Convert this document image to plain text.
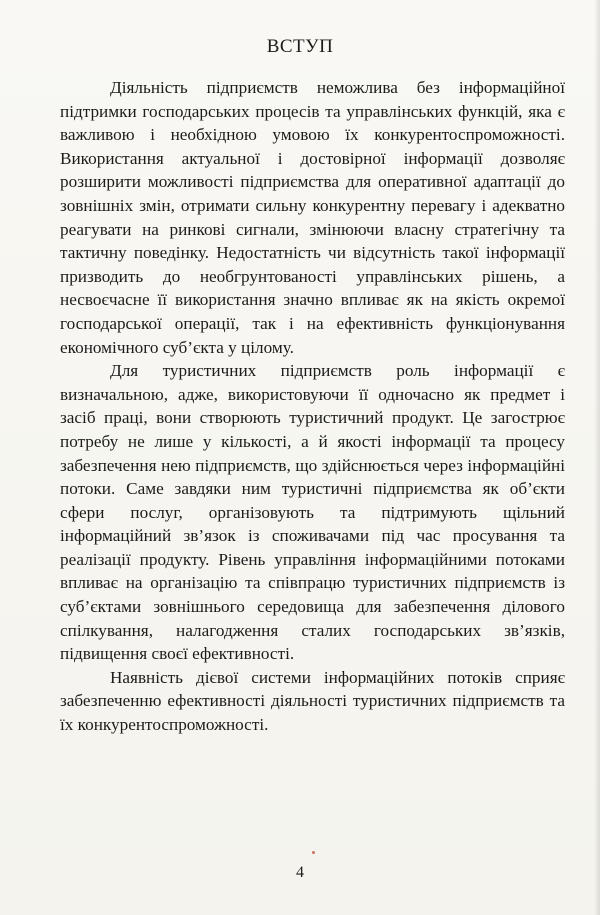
ВСТУП

Діяльність підприємств неможлива без інформаційної підтримки господарських процесів та управлінських функцій, яка є важливою і необхідною умовою їх конкурентоспроможності. Використання актуальної і достовірної інформації дозволяє розширити можливості підприємства для оперативної адаптації до зовнішніх змін, отримати сильну конкурентну перевагу і адекватно реагувати на ринкові сигнали, змінюючи власну стратегічну та тактичну поведінку. Недостатність чи відсутність такої інформації призводить до необгрунтованості управлінських рішень, а несвоєчасне її використання значно впливає як на якість окремої господарської операції, так і на ефективність функціонування економічного суб’єкта у цілому.

Для туристичних підприємств роль інформації є визначальною, адже, використовуючи її одночасно як предмет і засіб праці, вони створюють туристичний продукт. Це загострює потребу не лише у кількості, а й якості інформації та процесу забезпечення нею підприємств, що здійснюється через інформаційні потоки. Саме завдяки ним туристичні підприємства як об’єкти сфери послуг, організовують та підтримують щільний інформаційний зв’язок із споживачами під час просування та реалізації продукту. Рівень управління інформаційними потоками впливає на організацію та співпрацю туристичних підприємств із суб’єктами зовнішнього середовища для забезпечення ділового спілкування, налагодження сталих господарських зв’язків, підвищення своєї ефективності.

Наявність дієвої системи інформаційних потоків сприяє забезпеченню ефективності діяльності туристичних підприємств та їх конкурентоспроможності.

4
